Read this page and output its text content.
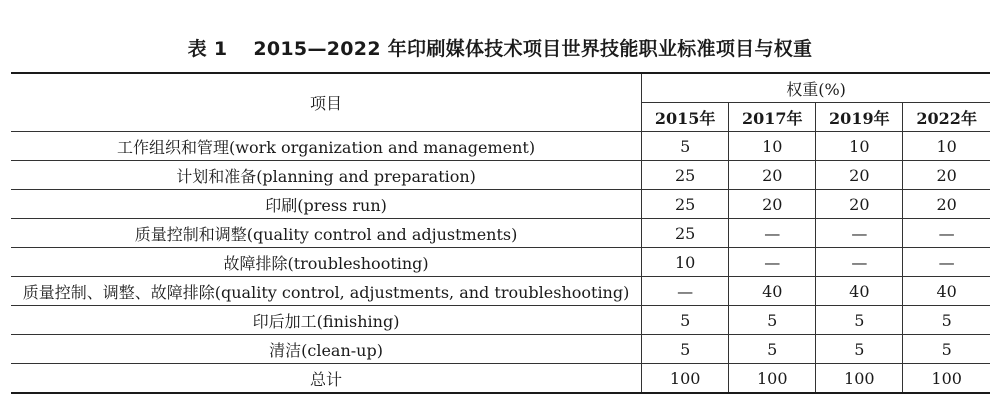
表 1 2015—2022 年印刷媒体技术项目世界技能职业标准项目与权重
项目	权重(%)			
	2015年	2017年	2019年	2022年
工作组织和管理(work organization and management)	5	10	10	10
计划和准备(planning and preparation)	25	20	20	20
印刷(press run)	25	20	20	20
质量控制和调整(quality control and adjustments)	25	—	—	—
故障排除(troubleshooting)	10	—	—	—
质量控制、调整、故障排除(quality control, adjustments, and troubleshooting)	—	40	40	40
印后加工(finishing)	5	5	5	5
清洁(clean-up)	5	5	5	5
总计	100	100	100	100
